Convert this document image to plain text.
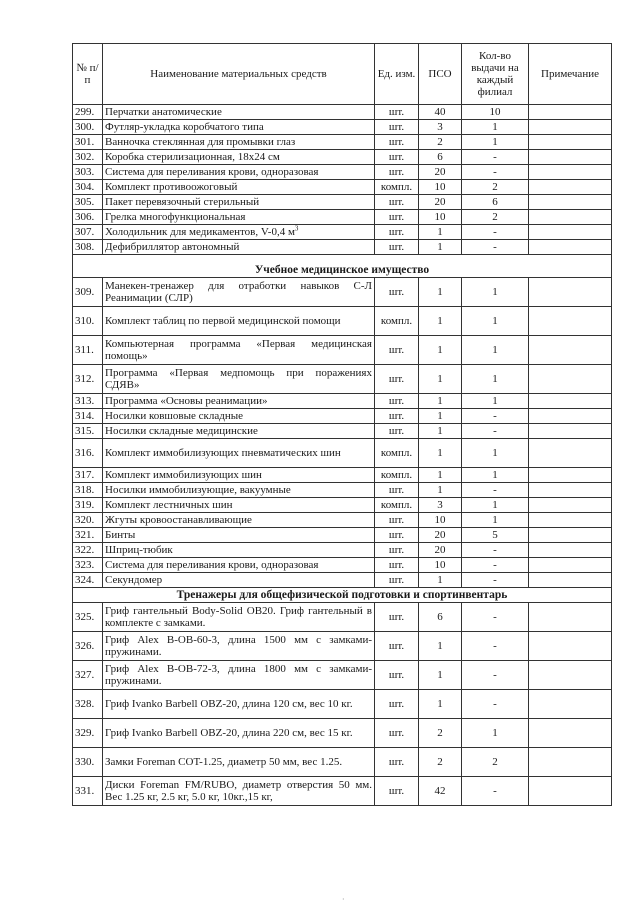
№ п/п	Наименование материальных средств	Ед. изм.	ПСО	Кол-во выдачи на каждый филиал	Примечание
299.	Перчатки анатомические	шт.	40	10	
300.	Футляр-укладка коробчатого типа	шт.	3	1	
301.	Ванночка стеклянная для промывки глаз	шт.	2	1	
302.	Коробка стерилизационная, 18х24 см	шт.	6	-	
303.	Система для переливания крови, одноразовая	шт.	20	-	
304.	Комплект противоожоговый	компл.	10	2	
305.	Пакет перевязочный стерильный	шт.	20	6	
306.	Грелка многофункциональная	шт.	10	2	
307.	Холодильник для медикаментов, V-0,4 $м^3$	шт.	1	-	
308.	Дефибриллятор автономный	шт.	1	-	
Учебное медицинское имущество					
309.	Манекен-тренажер для отработки навыков С-Л Реанимации (СЛР)	шт.	1	1	
310.	Комплект таблиц по первой медицинской помощи	компл.	1	1	
311.	Компьютерная программа «Первая медицинская помощь»	шт.	1	1	
312.	Программа «Первая медпомощь при поражениях СДЯВ»	шт.	1	1	
313.	Программа «Основы реанимации»	шт.	1	1	
314.	Носилки ковшовые складные	шт.	1	-	
315.	Носилки складные медицинские	шт.	1	-	
316.	Комплект иммобилизующих пневматических шин	компл.	1	1	
317.	Комплект иммобилизующих шин	компл.	1	1	
318.	Носилки иммобилизующие, вакуумные	шт.	1	-	
319.	Комплект лестничных шин	компл.	3	1	
320.	Жгуты кровоостанавливающие	шт.	10	1	
321.	Бинты	шт.	20	5	
322.	Шприц-тюбик	шт.	20	-	
323.	Система для переливания крови, одноразовая	шт.	10	-	
324.	Секундомер	шт.	1	-	
Тренажеры для общефизической подготовки и спортинвентарь					
325.	Гриф гантельный Body-Solid OB20. Гриф гантельный в комплекте с замками.	шт.	6	-	
326.	Гриф Alex B-OB-60-3, длина 1500 мм с замками-пружинами.	шт.	1	-	
327.	Гриф Alex B-OB-72-3, длина 1800 мм с замками-пружинами.	шт.	1	-	
328.	Гриф Ivanko Barbell OBZ-20, длина 120 см, вес 10 кг.	шт.	1	-	
329.	Гриф Ivanko Barbell OBZ-20, длина 220 см, вес 15 кг.	шт.	2	1	
330.	Замки Foreman COT-1.25, диаметр 50 мм, вес 1.25.	шт.	2	2	
331.	Диски Foreman FM/RUBO, диаметр отверстия 50 мм. Вес 1.25 кг, 2.5 кг, 5.0 кг, 10кг.,15 кг,	шт.	42	-	
·
